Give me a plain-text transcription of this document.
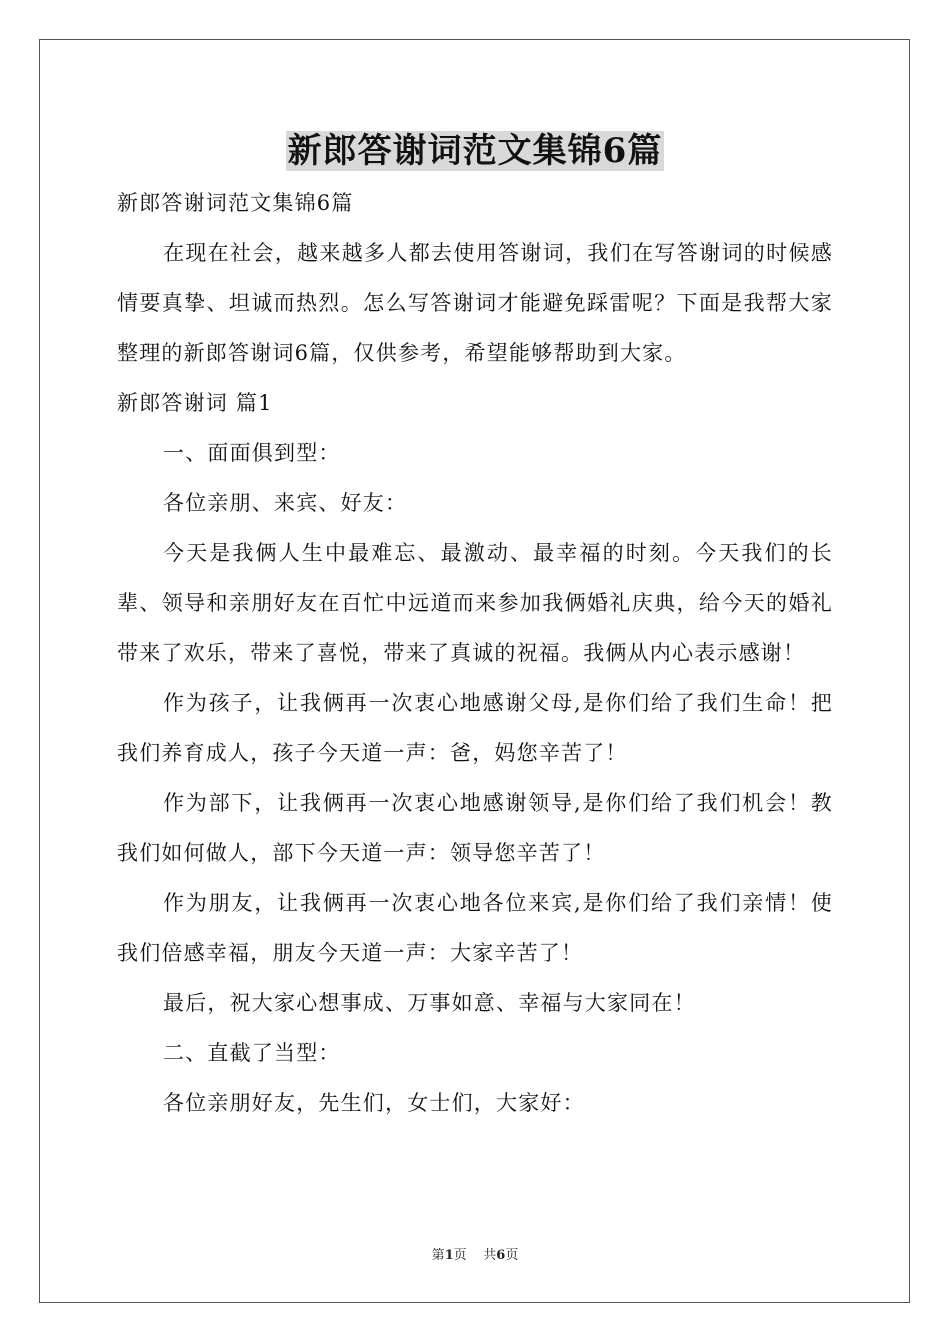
新郎答谢词范文集锦6篇

新郎答谢词范文集锦6篇

在现在社会，越来越多人都去使用答谢词，我们在写答谢词的时候感情要真挚、坦诚而热烈。怎么写答谢词才能避免踩雷呢？下面是我帮大家整理的新郎答谢词6篇，仅供参考，希望能够帮助到大家。

新郎答谢词 篇1

一、面面俱到型：

各位亲朋、来宾、好友：

今天是我俩人生中最难忘、最激动、最幸福的时刻。今天我们的长辈、领导和亲朋好友在百忙中远道而来参加我俩婚礼庆典，给今天的婚礼带来了欢乐，带来了喜悦，带来了真诚的祝福。我俩从内心表示感谢！

作为孩子，让我俩再一次衷心地感谢父母,是你们给了我们生命！把我们养育成人，孩子今天道一声：爸，妈您辛苦了！

作为部下，让我俩再一次衷心地感谢领导,是你们给了我们机会！教我们如何做人，部下今天道一声：领导您辛苦了！

作为朋友，让我俩再一次衷心地各位来宾,是你们给了我们亲情！使我们倍感幸福，朋友今天道一声：大家辛苦了！

最后，祝大家心想事成、万事如意、幸福与大家同在！

二、直截了当型：

各位亲朋好友，先生们，女士们，大家好：

第1页    共6页
